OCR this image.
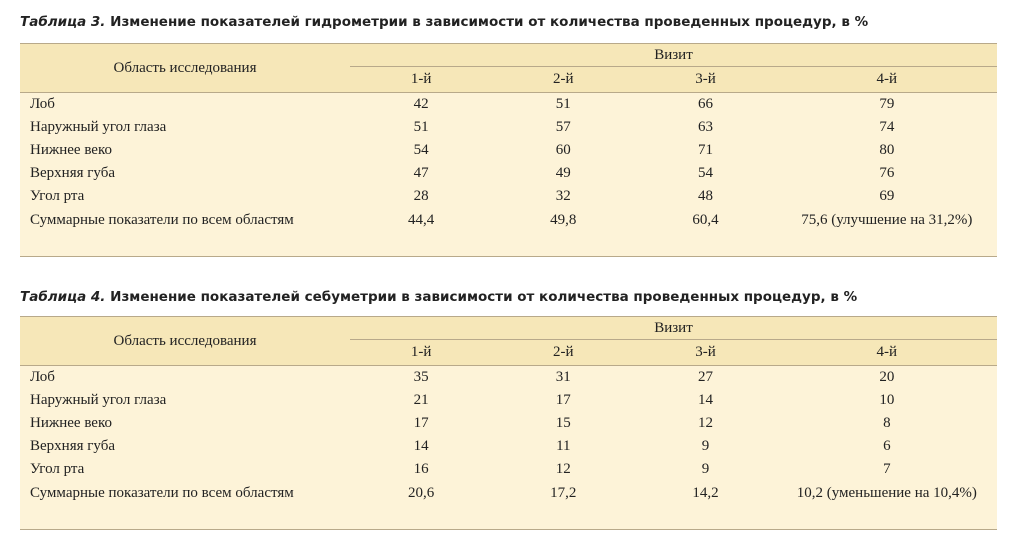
Таблица 3. Изменение показателей гидрометрии в зависимости от количества проведенных процедур, в %
Область исследования
Визит
1-й	2-й	3-й	4-й
Лоб	42	51	66	79
Наружный угол глаза	51	57	63	74
Нижнее веко	54	60	71	80
Верхняя губа	47	49	54	76
Угол рта	28	32	48	69
Суммарные показатели по всем областям	44,4	49,8	60,4	75,6 (улучшение на 31,2%)
Таблица 4. Изменение показателей себуметрии в зависимости от количества проведенных процедур, в %
Область исследования
Визит
1-й	2-й	3-й	4-й
Лоб	35	31	27	20
Наружный угол глаза	21	17	14	10
Нижнее веко	17	15	12	8
Верхняя губа	14	11	9	6
Угол рта	16	12	9	7
Суммарные показатели по всем областям	20,6	17,2	14,2	10,2 (уменьшение на 10,4%)
